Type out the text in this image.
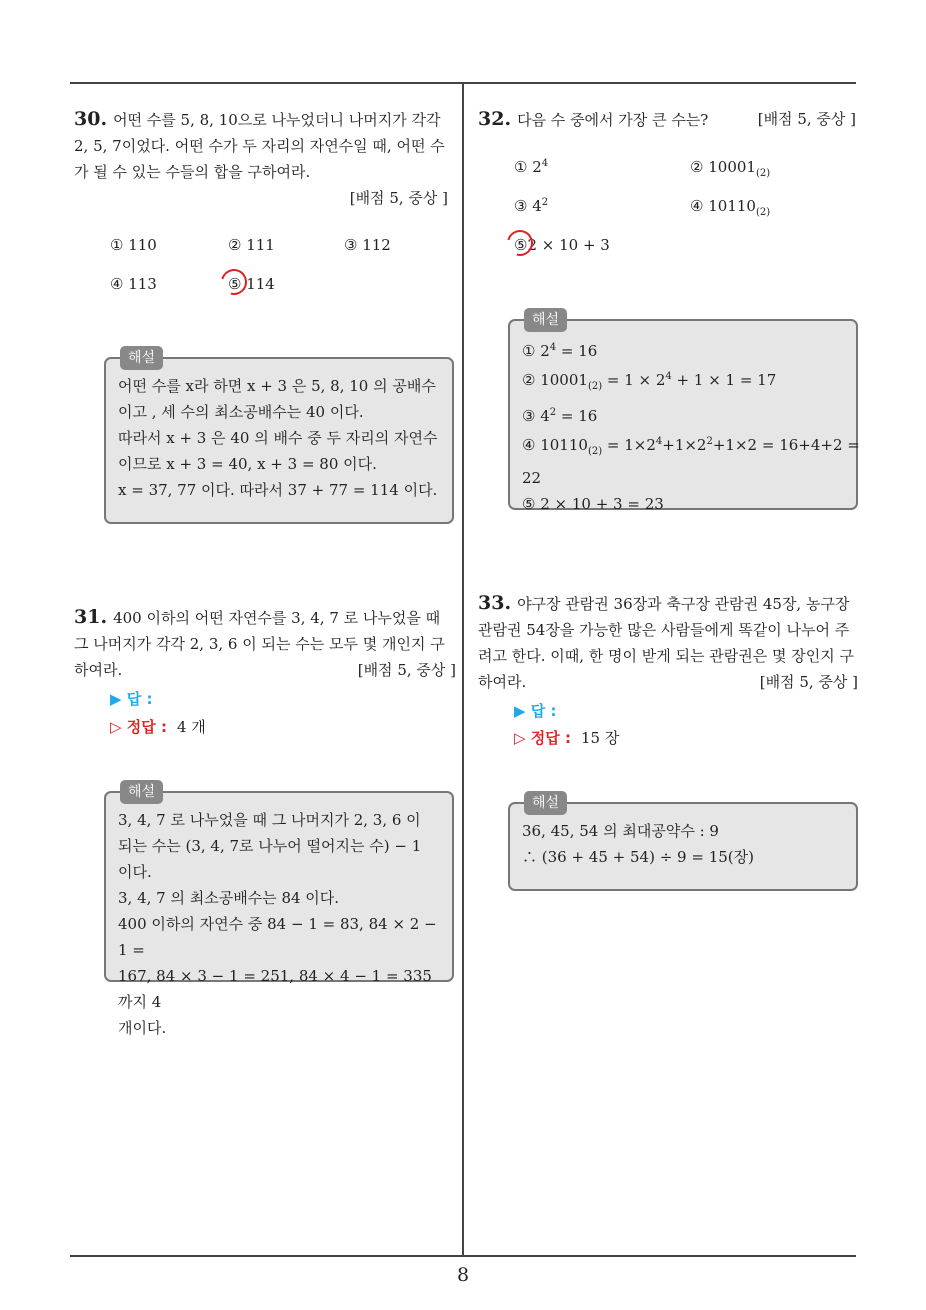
8
30. 어떤 수를 5, 8, 10으로 나누었더니 나머지가 각각 2, 5, 7이었다. 어떤 수가 두 자리의 자연수일 때, 어떤 수가 될 수 있는 수들의 합을 구하여라.
[배점 5, 중상 ]
① 110	② 111	③ 112
④ 113	⑤ 114
해설
어떤 수를 x라 하면 x + 3 은 5, 8, 10 의 공배수
이고 , 세 수의 최소공배수는 40 이다.
따라서 x + 3 은 40 의 배수 중 두 자리의 자연수
이므로 x + 3 = 40, x + 3 = 80 이다.
x = 37, 77 이다. 따라서 37 + 77 = 114 이다.
31. 400 이하의 어떤 자연수를 3, 4, 7 로 나누었을 때 그 나머지가 각각 2, 3, 6 이 되는 수는 모두 몇 개인지 구하여라.	[배점 5, 중상 ]
▶ 답 :
▷ 정답 : 4 개
해설
3, 4, 7 로 나누었을 때 그 나머지가 2, 3, 6 이
되는 수는 (3, 4, 7로 나누어 떨어지는 수) − 1 이다.
3, 4, 7 의 최소공배수는 84 이다.
400 이하의 자연수 중 84 − 1 = 83, 84 × 2 − 1 =
167, 84 × 3 − 1 = 251, 84 × 4 − 1 = 335 까지 4
개이다.
32. 다음 수 중에서 가장 큰 수는?	[배점 5, 중상 ]
① $2^4$	② $10001_{(2)}$
③ $4^2$	④ $10110_{(2)}$
⑤2 × 10 + 3
해설
① $2^4 = 16$
② $10001_{(2)} = 1 \times 2^4 + 1 \times 1 = 17$
③ $4^2 = 16$
④ $10110_{(2)} = 1\times 2^4+1\times 2^2+1\times 2 = 16+4+2$ =
22
⑤ 2 × 10 + 3 = 23
33. 야구장 관람권 36장과 축구장 관람권 45장, 농구장 관람권 54장을 가능한 많은 사람들에게 똑같이 나누어 주려고 한다. 이때, 한 명이 받게 되는 관람권은 몇 장인지 구하여라.	[배점 5, 중상 ]
▶ 답 :
▷ 정답 : 15 장
해설
36, 45, 54 의 최대공약수 : 9
∴ (36 + 45 + 54) ÷ 9 = 15(장)
